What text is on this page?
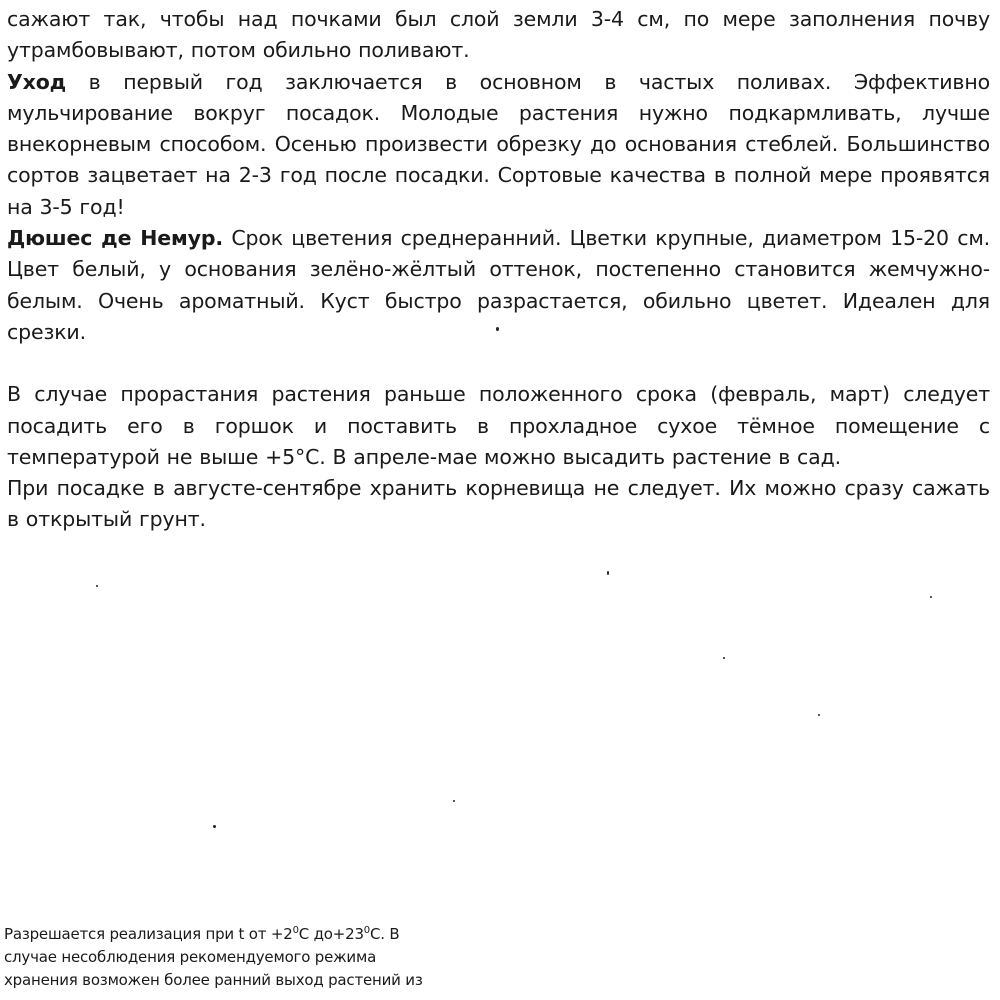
сажают так, чтобы над почками был слой земли 3-4 см, по мере заполнения почву утрамбовывают, потом обильно поливают.

Уход в первый год заключается в основном в частых поливах. Эффективно мульчирование вокруг посадок. Молодые растения нужно подкармливать, лучше внекорневым способом. Осенью произвести обрезку до основания стеблей. Большинство сортов зацветает на 2-3 год после посадки. Сортовые качества в полной мере проявятся на 3-5 год!

Дюшес де Немур. Срок цветения среднеранний. Цветки крупные, диаметром 15-20 см. Цвет белый, у основания зелёно-жёлтый оттенок, постепенно становится жемчужно-белым. Очень ароматный. Куст быстро разрастается, обильно цветет. Идеален для срезки.

В случае прорастания растения раньше положенного срока (февраль, март) следует посадить его в горшок и поставить в прохладное сухое тёмное помещение с температурой не выше +5°С. В апреле-мае можно высадить растение в сад.

При посадке в августе-сентябре хранить корневища не следует. Их можно сразу сажать в открытый грунт.

Разрешается реализация при t от $+2^0С$ $до+23^0С$. В

случае несоблюдения рекомендуемого режима

хранения возможен более ранний выход растений из
